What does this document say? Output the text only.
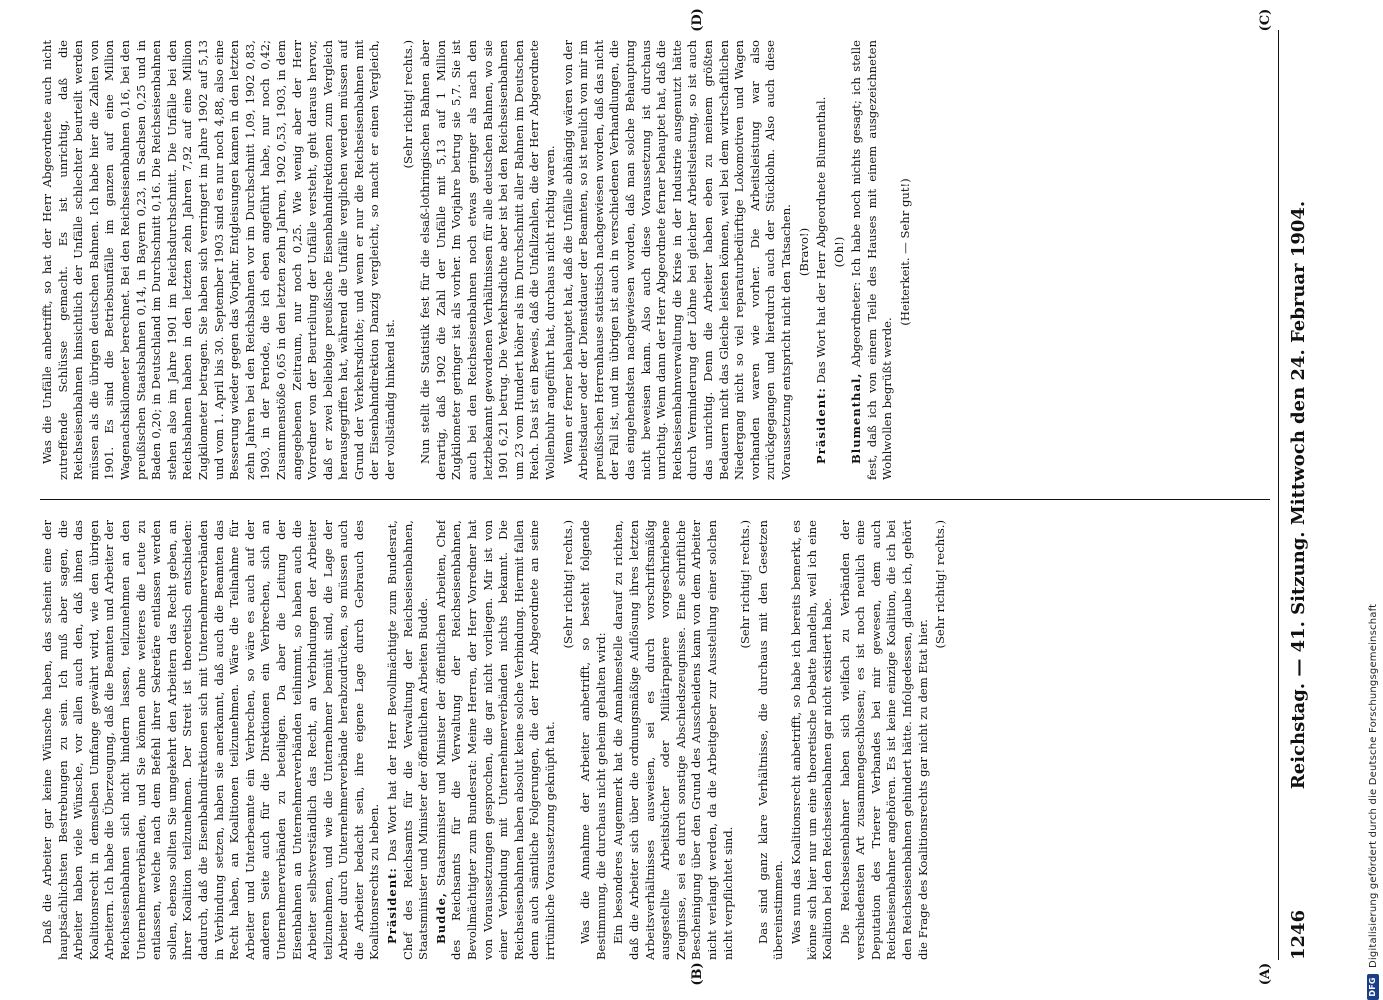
1246
Reichstag. — 41. Sitzung. Mittwoch den 24. Februar 1904.
(A)
(B)
(C)
(D)

Daß die Arbeiter gar keine Wünsche haben, das scheint eine der hauptsächlichsten Bestrebungen zu sein. Ich muß aber sagen, die Arbeiter haben viele Wünsche, vor allen auch den, daß ihnen das Koalitionsrecht in demselben Umfange gewährt wird, wie den übrigen Arbeitern. Ich habe die Überzeugung, daß die Beamten und Arbeiter der Reichseisenbahnen sich nicht hindern lassen, teilzunehmen an den Unternehmerverbänden, und Sie können ohne weiteres die Leute zu entlassen, welche nach dem Befehl ihrer Sekretäre entlassen werden sollen, ebenso sollten Sie umgekehrt den Arbeitern das Recht geben, an ihrer Koalition teilzunehmen. Der Streit ist theoretisch entschieden: dadurch, daß die Eisenbahndirektionen sich mit Unternehmerverbänden in Verbindung setzen, haben sie anerkannt, daß auch die Beamten das Recht haben, an Koalitionen teilzunehmen. Wäre die Teilnahme für Arbeiter und Unterbeamte ein Verbrechen, so wäre es auch auf der anderen Seite auch für die Direktionen ein Verbrechen, sich an Unternehmerverbänden zu beteiligen. Da aber die Leitung der Eisenbahnen an Unternehmerverbänden teilnimmt, so haben auch die Arbeiter selbstverständlich das Recht, an Verbindungen der Arbeiter teilzunehmen, und wie die Unternehmer bemüht sind, die Lage der Arbeiter durch Unternehmerverbände herabzudrücken, so müssen auch die Arbeiter bedacht sein, ihre eigene Lage durch Gebrauch des Koalitionsrechts zu heben. Präsident: Das Wort hat der Herr Bevollmächtigte zum Bundesrat, Chef des Reichsamts für die Verwaltung der Reichseisenbahnen, Staatsminister und Minister der öffentlichen Arbeiten Budde. Budde, Staatsminister und Minister der öffentlichen Arbeiten, Chef des Reichsamts für die Verwaltung der Reichseisenbahnen, Bevollmächtigter zum Bundesrat: Meine Herren, der Herr Vorredner hat von Voraussetzungen gesprochen, die gar nicht vorliegen. Mir ist von einer Verbindung mit Unternehmerverbänden nichts bekannt. Die Reichseisenbahnen haben absolut keine solche Verbindung. Hiermit fallen denn auch sämtliche Folgerungen, die der Herr Abgeordnete an seine irrtümliche Voraussetzung geknüpft hat.

(Sehr richtig! rechts.) Was die Annahme der Arbeiter anbetrifft, so besteht folgende Bestimmung, die durchaus nicht geheim gehalten wird: Ein besonderes Augenmerk hat die Annahmestelle darauf zu richten, daß die Arbeiter sich über die ordnungsmäßige Auflösung ihres letzten Arbeitsverhältnisses ausweisen, sei es durch vorschriftsmäßig ausgestellte Arbeitsbücher oder Militärpapiere vorgeschriebene Zeugnisse, sei es durch sonstige Abschiedszeugnisse. Eine schriftliche Bescheinigung über den Grund des Ausscheidens kann von dem Arbeiter nicht verlangt werden, da die Arbeitgeber zur Ausstellung einer solchen nicht verpflichtet sind.

(Sehr richtig! rechts.) Das sind ganz klare Verhältnisse, die durchaus mit den Gesetzen übereinstimmen. Was nun das Koalitionsrecht anbetrifft, so habe ich bereits bemerkt, es könne sich hier nur um eine theoretische Debatte handeln, weil ich eine Koalition bei den Reichseisenbahnen gar nicht existiert habe. Die Reichseisenbahner haben sich vielfach zu Verbänden der verschiedensten Art zusammengeschlossen; es ist noch neulich eine Deputation des Trierer Verbandes bei mir gewesen, dem auch Reichseisenbahner angehören. Es ist keine einzige Koalition, die ich bei den Reichseisenbahnen gehindert hätte. Infolgedessen, glaube ich, gehört die Frage des Koalitionsrechts gar nicht zu dem Etat hier.

(Sehr richtig! rechts.)

Was die Unfälle anbetrifft, so hat der Herr Abgeordnete auch nicht zutreffende Schlüsse gemacht. Es ist unrichtig, daß die Reichseisenbahnen hinsichtlich der Unfälle schlechter beurteilt werden müssen als die übrigen deutschen Bahnen. Ich habe hier die Zahlen von 1901. Es sind die Betriebsunfälle im ganzen auf eine Million Wagenachskilometer berechnet. Bei den Reichseisenbahnen 0,16, bei den preußischen Staatsbahnen 0,14, in Bayern 0,23, in Sachsen 0,25 und in Baden 0,20; in Deutschland im Durchschnitt 0,16. Die Reichseisenbahnen stehen also im Jahre 1901 im Reichsdurchschnitt. Die Unfälle bei den Reichsbahnen haben in den letzten zehn Jahren 7,92 auf eine Million Zugkilometer betragen. Sie haben sich verringert im Jahre 1902 auf 5,13 und vom 1. April bis 30. September 1903 sind es nur noch 4,88, also eine Besserung wieder gegen das Vorjahr. Entgleisungen kamen in den letzten zehn Jahren bei den Reichsbahnen vor im Durchschnitt 1,09, 1902 0,83, 1903, in der Periode, die ich eben angeführt habe, nur noch 0,42; Zusammenstöße 0,65 in den letzten zehn Jahren, 1902 0,53, 1903, in dem angegebenen Zeitraum, nur noch 0,25. Wie wenig aber der Herr Vorredner von der Beurteilung der Unfälle versteht, geht daraus hervor, daß er zwei beliebige preußische Eisenbahndirektionen zum Vergleich herausgegriffen hat, während die Unfälle verglichen werden müssen auf Grund der Verkehrsdichte; und wenn er nur die Reichseisenbahnen mit der Eisenbahndirektion Danzig vergleicht, so macht er einen Vergleich, der vollständig hinkend ist.

(Sehr richtig! rechts.) Nun stellt die Statistik fest für die elsaß-lothringischen Bahnen aber derartig, daß 1902 die Zahl der Unfälle mit 5,13 auf 1 Million Zugkilometer geringer ist als vorher. Im Vorjahre betrug sie 5,7. Sie ist auch bei den Reichseisenbahnen noch etwas geringer als nach den letztbekannt gewordenen Verhältnissen für alle deutschen Bahnen, wo sie 1901 6,21 betrug. Die Verkehrsdichte aber ist bei den Reichseisenbahnen um 23 vom Hundert höher als im Durchschnitt aller Bahnen im Deutschen Reich. Das ist ein Beweis, daß die Unfallzahlen, die der Herr Abgeordnete Wollenbuhr angeführt hat, durchaus nicht richtig waren. Wenn er ferner behauptet hat, daß die Unfälle abhängig wären von der Arbeitsdauer oder der Dienstdauer der Beamten, so ist neulich von mir im preußischen Herrenhause statistisch nachgewiesen worden, daß das nicht der Fall ist, und im übrigen ist auch in verschiedenen Verhandlungen, die das eingehendsten nachgewiesen worden, daß man solche Behauptung nicht beweisen kann. Also auch diese Voraussetzung ist durchaus unrichtig. Wenn dann der Herr Abgeordnete ferner behauptet hat, daß die Reichseisenbahnverwaltung die Krise in der Industrie ausgenutzt hätte durch Verminderung der Löhne bei gleicher Arbeitsleistung, so ist auch das unrichtig. Denn die Arbeiter haben eben zu meinem größten Bedauern nicht das Gleiche leisten können, weil bei dem wirtschaftlichen Niedergang nicht so viel reparaturbedürftige Lokomotiven und Wagen vorhanden waren wie vorher. Die Arbeitsleistung war also zurückgegangen und hierdurch auch der Stücklohn. Also auch diese Voraussetzung entspricht nicht den Tatsachen. (Bravo!)

Präsident: Das Wort hat der Herr Abgeordnete Blumenthal. (Oh!)

Blumenthal, Abgeordneter: Ich habe noch nichts gesagt; ich stelle fest, daß ich von einem Teile des Hauses mit einem ausgezeichneten Wohlwollen begrüßt werde.

(Heiterkeit. — Sehr gut!)

DFGDigitalisierung gefördert durch die Deutsche Forschungsgemeinschaft
